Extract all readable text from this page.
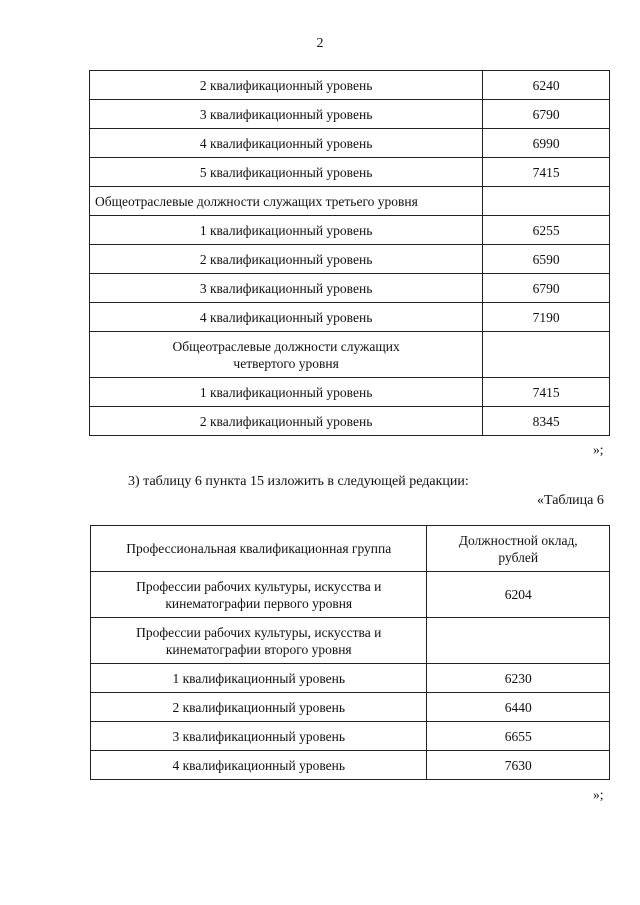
2
2 квалификационный уровень	6240
3 квалификационный уровень	6790
4 квалификационный уровень	6990
5 квалификационный уровень	7415
Общеотраслевые должности служащих третьего уровня	
1 квалификационный уровень	6255
2 квалификационный уровень	6590
3 квалификационный уровень	6790
4 квалификационный уровень	7190
Общеотраслевые должности служащих четвертого уровня	
1 квалификационный уровень	7415
2 квалификационный уровень	8345
»;
3) таблицу 6 пункта 15 изложить в следующей редакции:
«Таблица 6
Профессиональная квалификационная группа	Должностной оклад, рублей
Профессии рабочих культуры, искусства и кинематографии первого уровня	6204
Профессии рабочих культуры, искусства и кинематографии второго уровня	
1 квалификационный уровень	6230
2 квалификационный уровень	6440
3 квалификационный уровень	6655
4 квалификационный уровень	7630
»;
